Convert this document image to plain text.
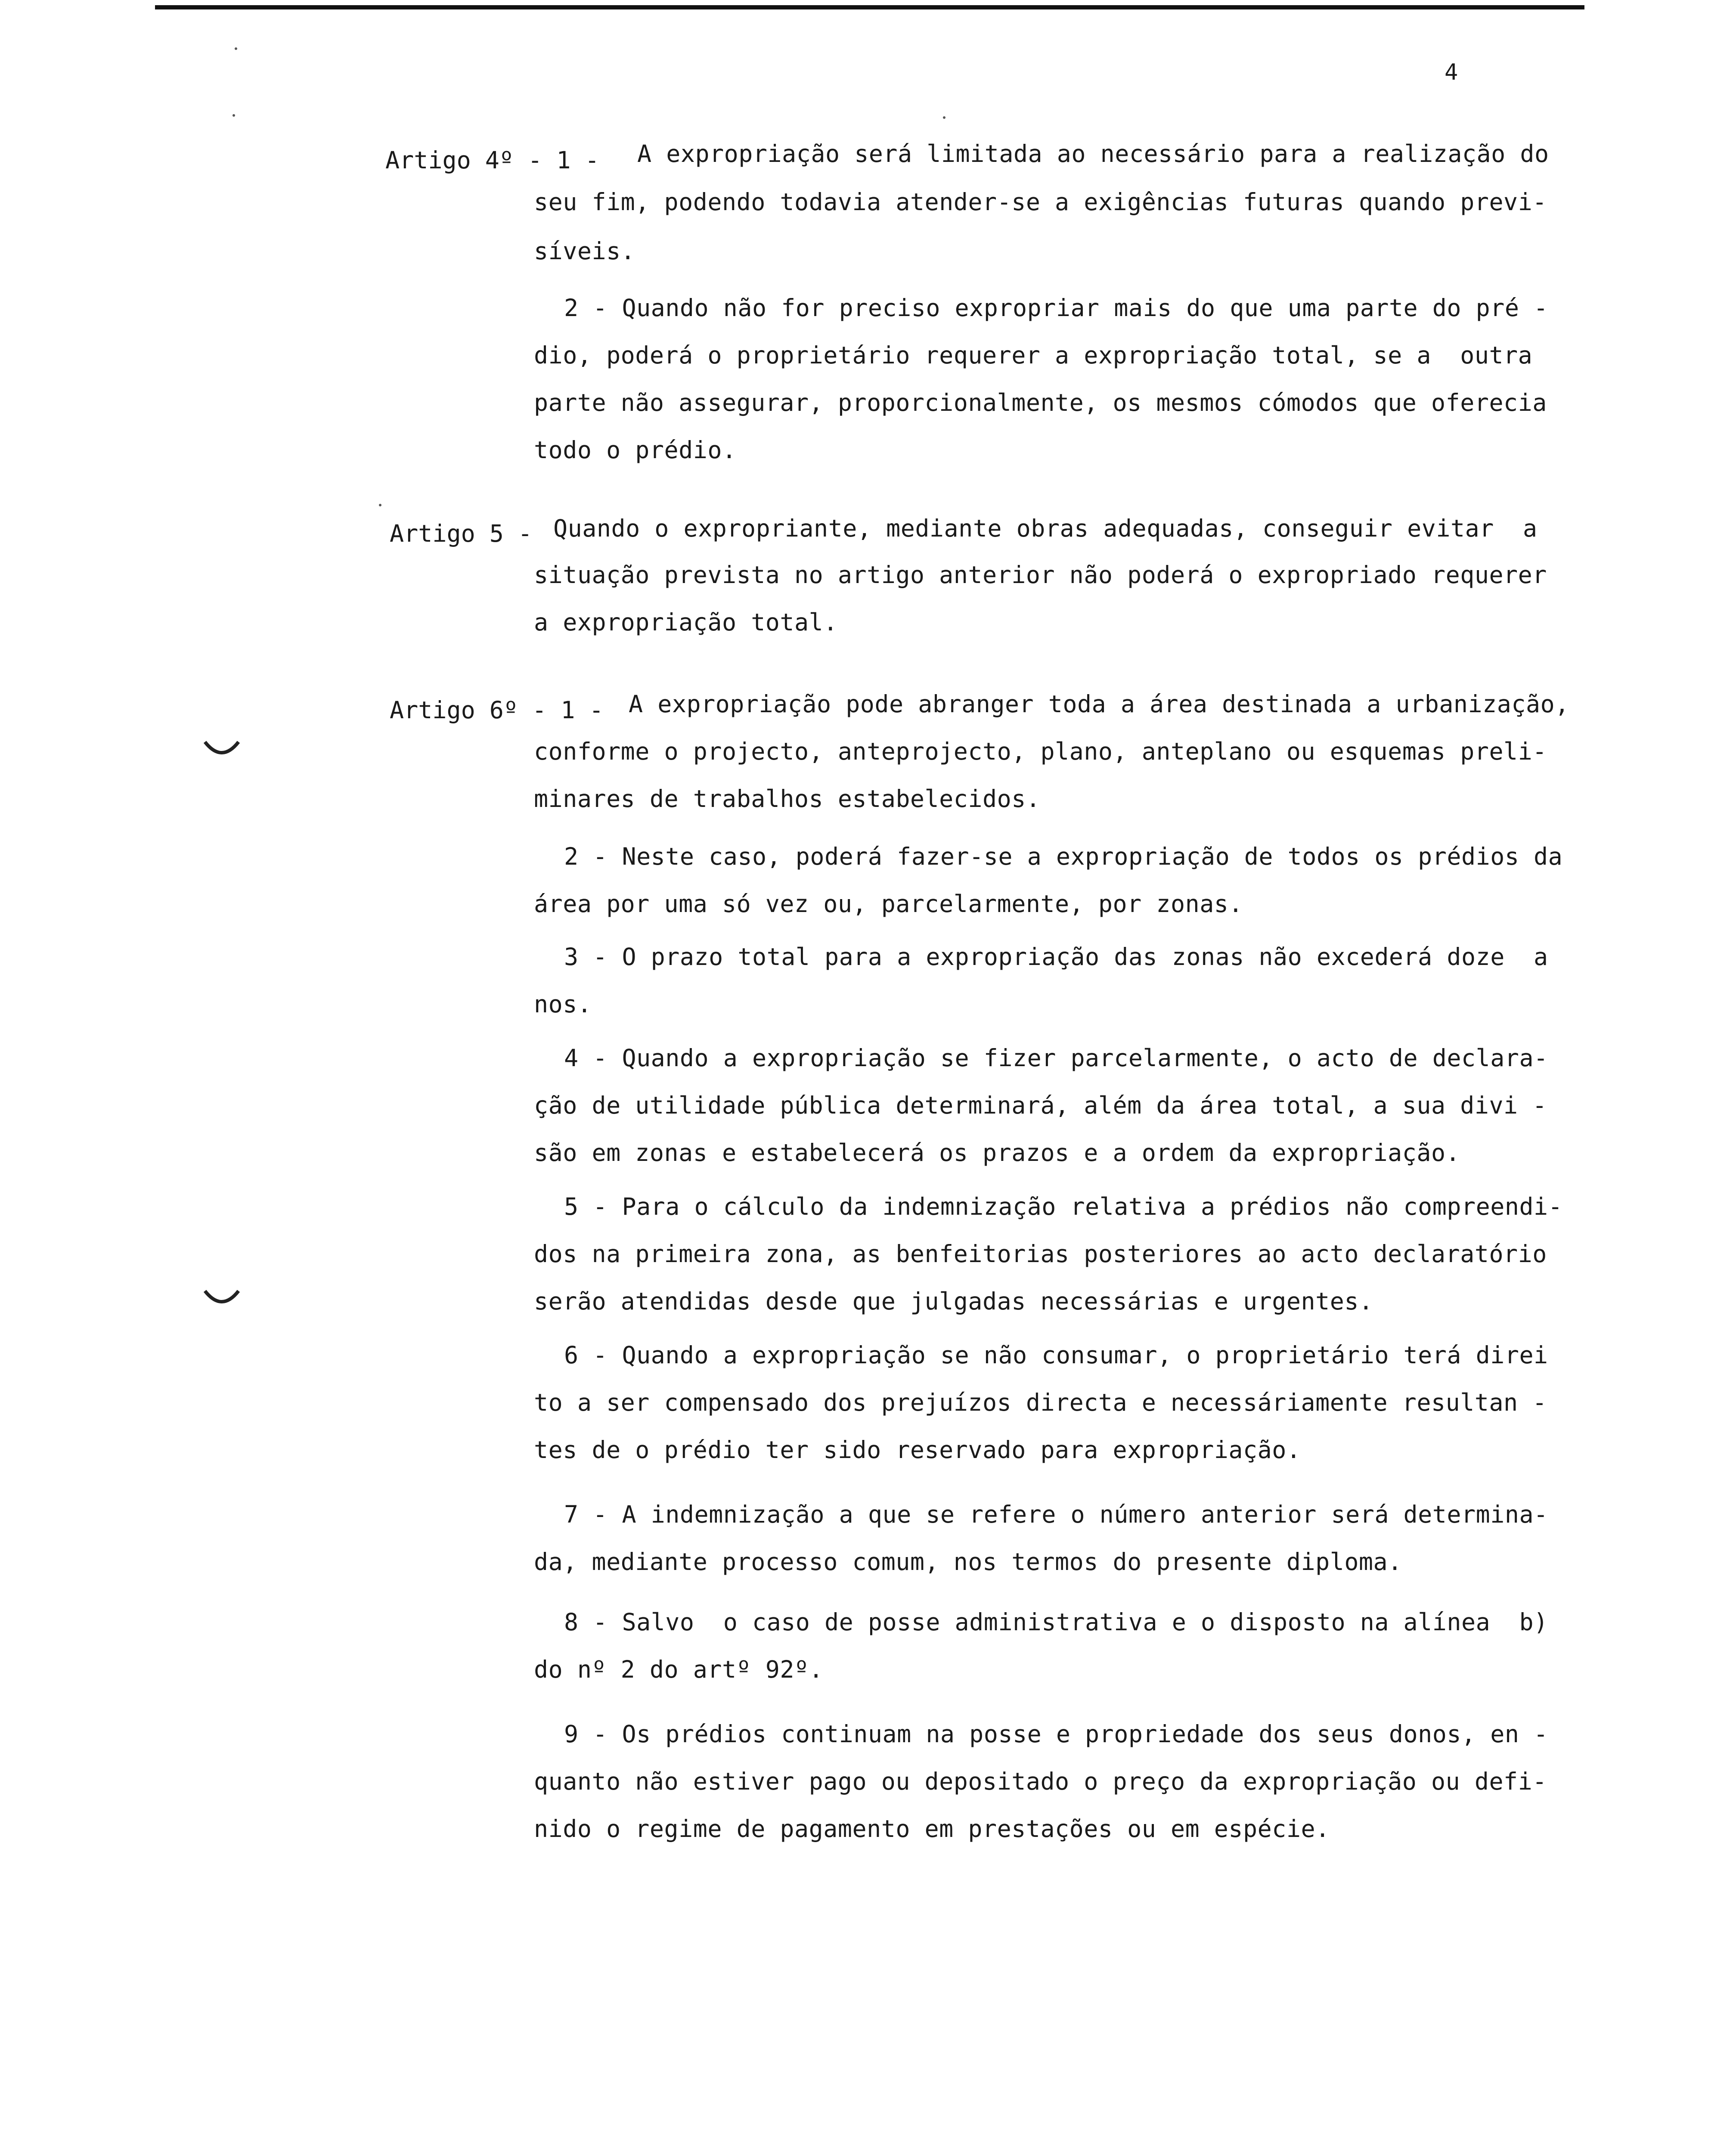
4
Artigo 4º - 1 - A expropriação será limitada ao necessário para a realização do
seu fim, podendo todavia atender-se a exigências futuras quando previ-
síveis.
2 - Quando não for preciso expropriar mais do que uma parte do pré -
dio, poderá o proprietário requerer a expropriação total, se a  outra
parte não assegurar, proporcionalmente, os mesmos cómodos que oferecia
todo o prédio.
Artigo 5 - Quando o expropriante, mediante obras adequadas, conseguir evitar  a
situação prevista no artigo anterior não poderá o expropriado requerer
a expropriação total.
Artigo 6º - 1 - A expropriação pode abranger toda a área destinada a urbanização,
conforme o projecto, anteprojecto, plano, anteplano ou esquemas preli-
minares de trabalhos estabelecidos.
2 - Neste caso, poderá fazer-se a expropriação de todos os prédios da
área por uma só vez ou, parcelarmente, por zonas.
3 - O prazo total para a expropriação das zonas não excederá doze  a
nos.
4 - Quando a expropriação se fizer parcelarmente, o acto de declara-
ção de utilidade pública determinará, além da área total, a sua divi -
são em zonas e estabelecerá os prazos e a ordem da expropriação.
5 - Para o cálculo da indemnização relativa a prédios não compreendi-
dos na primeira zona, as benfeitorias posteriores ao acto declaratório
serão atendidas desde que julgadas necessárias e urgentes.
6 - Quando a expropriação se não consumar, o proprietário terá direi
to a ser compensado dos prejuízos directa e necessáriamente resultan -
tes de o prédio ter sido reservado para expropriação.
7 - A indemnização a que se refere o número anterior será determina-
da, mediante processo comum, nos termos do presente diploma.
8 - Salvo  o caso de posse administrativa e o disposto na alínea  b)
do nº 2 do artº 92º.
9 - Os prédios continuam na posse e propriedade dos seus donos, en -
quanto não estiver pago ou depositado o preço da expropriação ou defi-
nido o regime de pagamento em prestações ou em espécie.
